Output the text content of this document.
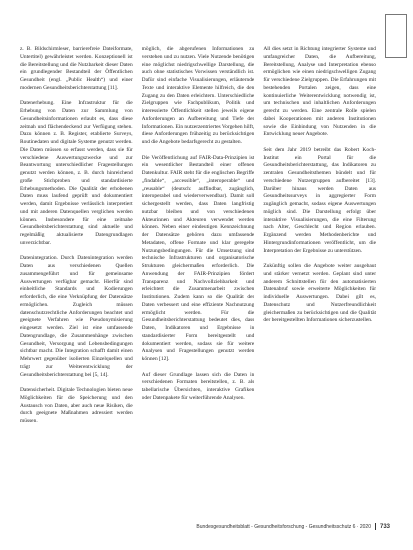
z. B. Bildschirmleser, barrierefreie Dateiformate, Untertitel) gewährleistet werden. Konzeptionell ist die Bereitstellung und die Nutzbarkeit dieser Daten ein grundlegender Bestandteil der Öffentlichen Gesundheit (engl. „Public Health“) und einer modernen Gesundheitsberichterstattung [11].

Datenerhebung. Eine Infrastruktur für die Erhebung von Daten zur Sammlung von Gesundheitsinformationen erlaubt es, dass diese zeitnah und flächendeckend zur Verfügung stehen. Dazu können z. B. Register, etablierte Surveys, Routinedaten und digitale Systeme genutzt werden. Die Daten müssen so erfasst werden, dass sie für verschiedene Auswertungszwecke und zur Beantwortung unterschiedlicher Fragestellungen genutzt werden können, z. B. durch hinreichend große Stichproben und standardisierte Erhebungsmethoden. Die Qualität der erhobenen Daten muss laufend geprüft und dokumentiert werden, damit Ergebnisse verlässlich interpretiert und mit anderen Datenquellen verglichen werden können. Insbesondere für eine zeitnahe Gesundheitsberichterstattung sind aktuelle und regelmäßig aktualisierte Datengrundlagen unverzichtbar.

Datenintegration. Durch Datenintegration werden Daten aus verschiedenen Quellen zusammengeführt und für gemeinsame Auswertungen verfügbar gemacht. Hierfür sind einheitliche Standards und Kodierungen erforderlich, die eine Verknüpfung der Datensätze ermöglichen. Zugleich müssen datenschutzrechtliche Anforderungen beachtet und geeignete Verfahren wie Pseudonymisierung eingesetzt werden. Ziel ist eine umfassende Datengrundlage, die Zusammenhänge zwischen Gesundheit, Versorgung und Lebensbedingungen sichtbar macht. Die Integration schafft damit einen Mehrwert gegenüber isolierten Einzelquellen und trägt zur Weiterentwicklung der Gesundheitsberichterstattung bei [5, 14].

Datensicherheit. Digitale Technologien bieten neue Möglichkeiten für die Speicherung und den Austausch von Daten, aber auch neue Risiken, die durch geeignete Maßnahmen adressiert werden müssen.

möglich, die abgerufenen Informationen zu verstehen und zu nutzen. Viele Nutzende benötigen eine möglichst niedrigschwellige Darstellung, die auch ohne statistisches Vorwissen verständlich ist. Dafür sind einfache Visualisierungen, erläuternde Texte und interaktive Elemente hilfreich, die den Zugang zu den Daten erleichtern. Unterschiedliche Zielgruppen wie Fachpublikum, Politik und interessierte Öffentlichkeit stellen jeweils eigene Anforderungen an Aufbereitung und Tiefe der Informationen. Ein nutzerzentriertes Vorgehen hilft, diese Anforderungen frühzeitig zu berücksichtigen und die Angebote bedarfsgerecht zu gestalten.

Die Veröffentlichung auf FAIR-Data-Prinzipien ist ein wesentlicher Bestandteil einer offenen Datenkultur. FAIR steht für die englischen Begriffe „findable“, „accessible“, „interoperable“ und „reusable“ (deutsch: auffindbar, zugänglich, interoperabel und wiederverwendbar). Damit soll sichergestellt werden, dass Daten langfristig nutzbar bleiben und von verschiedenen Akteurinnen und Akteuren verwendet werden können. Neben einer eindeutigen Kennzeichnung der Datensätze gehören dazu umfassende Metadaten, offene Formate und klar geregelte Nutzungsbedingungen. Für die Umsetzung sind technische Infrastrukturen und organisatorische Strukturen gleichermaßen erforderlich. Die Anwendung der FAIR-Prinzipien fördert Transparenz und Nachvollziehbarkeit und erleichtert die Zusammenarbeit zwischen Institutionen. Zudem kann so die Qualität der Daten verbessert und eine effiziente Nachnutzung ermöglicht werden. Für die Gesundheitsberichterstattung bedeutet dies, dass Daten, Indikatoren und Ergebnisse in standardisierter Form bereitgestellt und dokumentiert werden, sodass sie für weitere Analysen und Fragestellungen genutzt werden können [12].

Auf dieser Grundlage lassen sich die Daten in verschiedenen Formaten bereitstellen, z. B. als tabellarische Übersichten, interaktive Grafiken oder Datenpakete für weiterführende Analysen.

All dies setzt in Richtung integrierter Systeme und umfangreicher Daten, die Aufbereitung, Bereitstellung, Analyse und Interpretation ebenso ermöglichen wie einen niedrigschwelligen Zugang für verschiedene Zielgruppen. Die Erfahrungen mit bestehenden Portalen zeigen, dass eine kontinuierliche Weiterentwicklung notwendig ist, um technischen und inhaltlichen Anforderungen gerecht zu werden. Eine zentrale Rolle spielen dabei Kooperationen mit anderen Institutionen sowie die Einbindung von Nutzenden in die Entwicklung neuer Angebote.

Seit dem Jahr 2019 betreibt das Robert Koch-Institut ein Portal für die Gesundheitsberichterstattung, das Indikatoren zu zentralen Gesundheitsthemen bündelt und für verschiedene Nutzergruppen aufbereitet [13]. Darüber hinaus werden Daten aus Gesundheitssurveys in aggregierter Form zugänglich gemacht, sodass eigene Auswertungen möglich sind. Die Darstellung erfolgt über interaktive Visualisierungen, die eine Filterung nach Alter, Geschlecht und Region erlauben. Ergänzend werden Methodenberichte und Hintergrundinformationen veröffentlicht, um die Interpretation der Ergebnisse zu unterstützen.

Zukünftig sollen die Angebote weiter ausgebaut und stärker vernetzt werden. Geplant sind unter anderem Schnittstellen für den automatisierten Datenabruf sowie erweiterte Möglichkeiten für individuelle Auswertungen. Dabei gilt es, Datenschutz und Nutzerfreundlichkeit gleichermaßen zu berücksichtigen und die Qualität der bereitgestellten Informationen sicherzustellen.

Bundesgesundheitsblatt - Gesundheitsforschung - Gesundheitsschutz 6 · 2020 733
